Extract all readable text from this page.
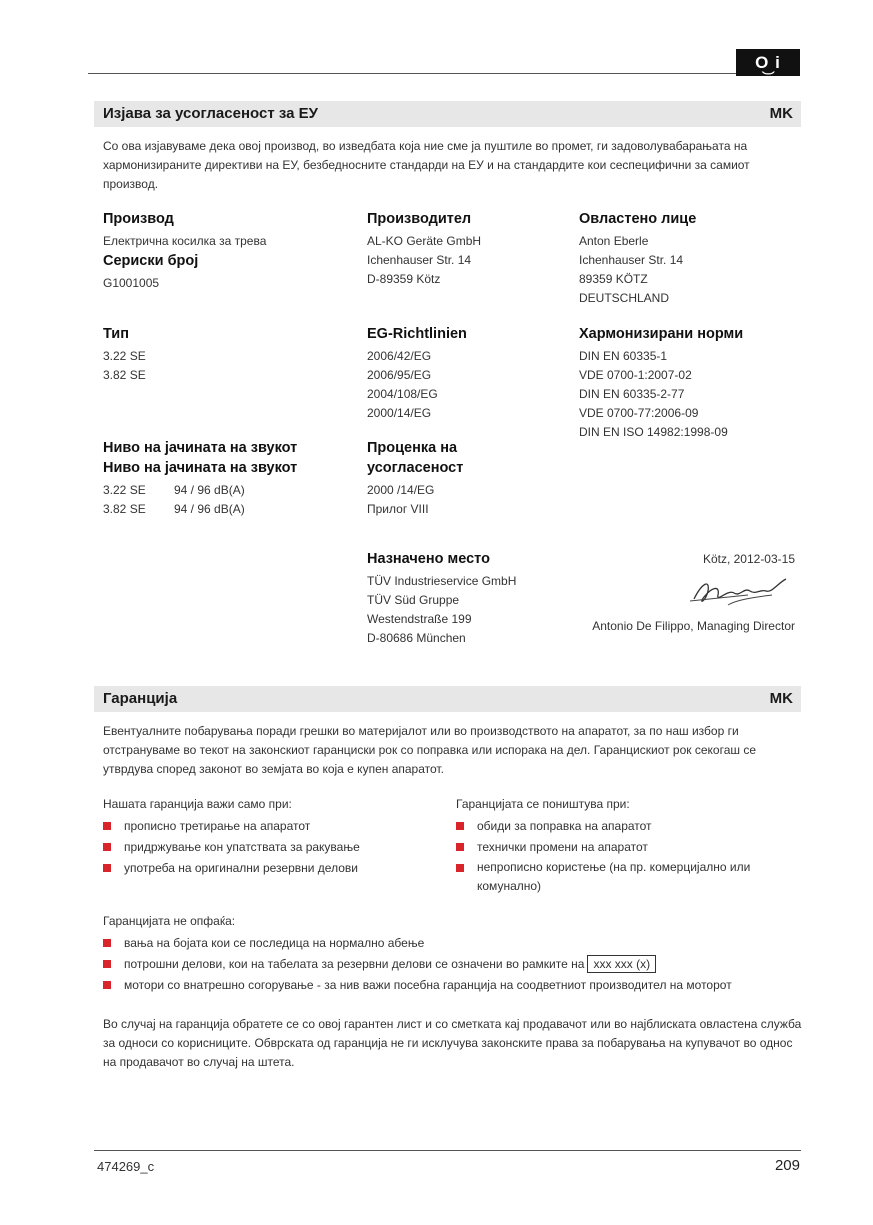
O͜ i
Изјава за усогласеност за ЕУ	MK
Со ова изјавуваме дека овој производ, во изведбата која ние сме ја пуштиле во промет, ги задоволувабарањата на хармонизираните директиви на ЕУ, безбедносните стандарди на ЕУ и на стандардите кои сеспецифични за самиот производ.
Производ
Електрична косилка за трева
Сериски број
G1001005
Производител
AL-KO Geräte GmbH
Ichenhauser Str. 14
D-89359 Kötz
Овластено лице
Anton Eberle
Ichenhauser Str. 14
89359 KÖTZ
DEUTSCHLAND
Тип
3.22 SE
3.82 SE
EG-Richtlinien
2006/42/EG
2006/95/EG
2004/108/EG
2000/14/EG
Хармонизирани норми
DIN EN 60335-1
VDE 0700-1:2007-02
DIN EN 60335-2-77
VDE 0700-77:2006-09
DIN EN ISO 14982:1998-09
Ниво на јачината на звукот
Ниво на јачината на звукот
3.22 SE 94 / 96 dB(A)
3.82 SE 94 / 96 dB(A)
Проценка на
усогласеност
2000 /14/EG
Прилог VIII
Назначено место
TÜV Industrieservice GmbH
TÜV Süd Gruppe
Westendstraße 199
D-80686 München
Kötz, 2012-03-15
Antonio De Filippo, Managing Director
Гаранција	MK
Евентуалните побарувања поради грешки во материјалот или во производството на апаратот, за по наш избор ги отстрануваме во текот на законскиот гаранциски рок со поправка или испорака на дел. Гаранцискиот рок секогаш се утврдува според законот во земјата во која е купен апаратот.
Нашата гаранција важи само при:
прописно третирање на апаратот
придржување кон упатствата за ракување
употреба на оригинални резервни делови
Гаранцијата се поништува при:
обиди за поправка на апаратот
технички промени на апаратот
непрописно користење (на пр. комерцијално или комунално)
Гаранцијата не опфаќа:
вања на бојата кои се последица на нормално абење
потрошни делови, кои на табелата за резервни делови се означени во рамките на xxx xxx (x)
мотори со внатрешно согорување - за нив важи посебна гаранција на соодветниот производител на моторот
Во случај на гаранција обратете се со овој гарантен лист и со сметката кај продавачот или во најблиската овластена служба за односи со корисниците. Обврската од гаранција не ги исклучува законските права за побарувања на купувачот во однос на продавачот во случај на штета.
474269_c	209
